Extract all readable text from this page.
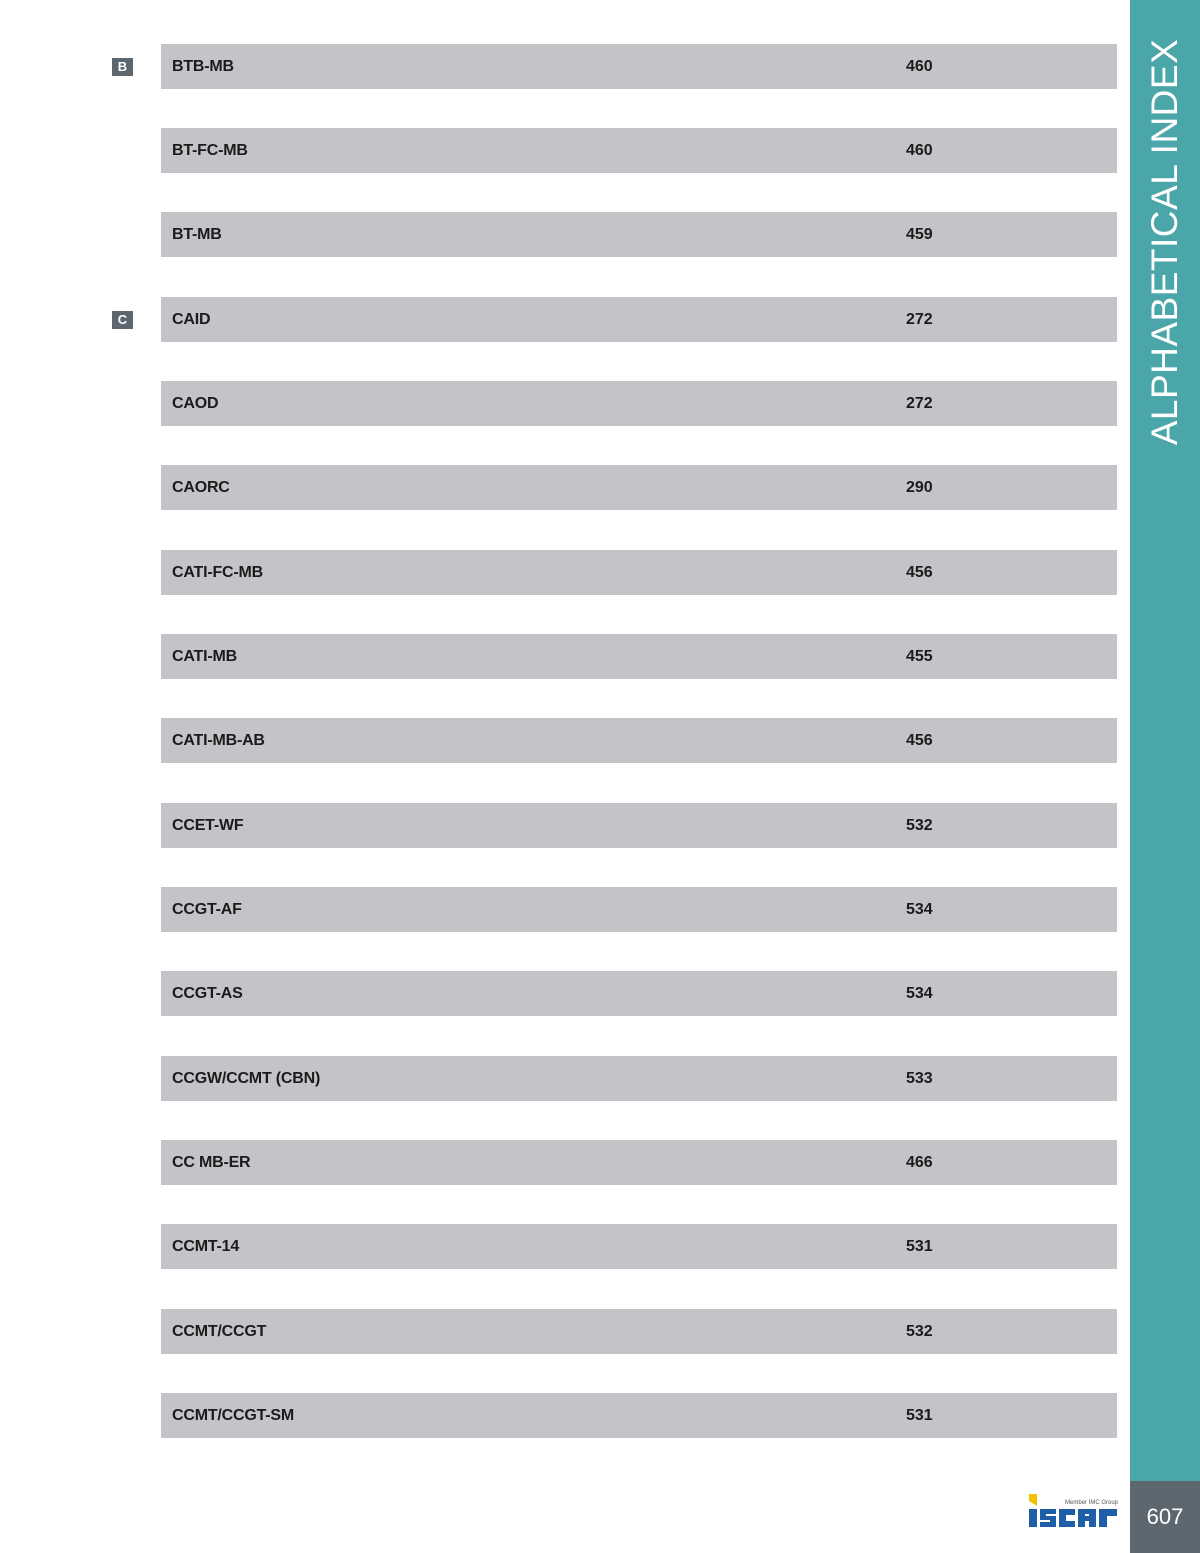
B	BTB-MB	460
BT-FC-MB	460
BT-MB	459
C	CAID	272
CAOD	272
CAORC	290
CATI-FC-MB	456
CATI-MB	455
CATI-MB-AB	456
CCET-WF	532
CCGT-AF	534
CCGT-AS	534
CCGW/CCMT (CBN)	533
CC MB-ER	466
CCMT-14	531
CCMT/CCGT	532
CCMT/CCGT-SM	531
ALPHABETICAL INDEX
607
Member IMC Group
